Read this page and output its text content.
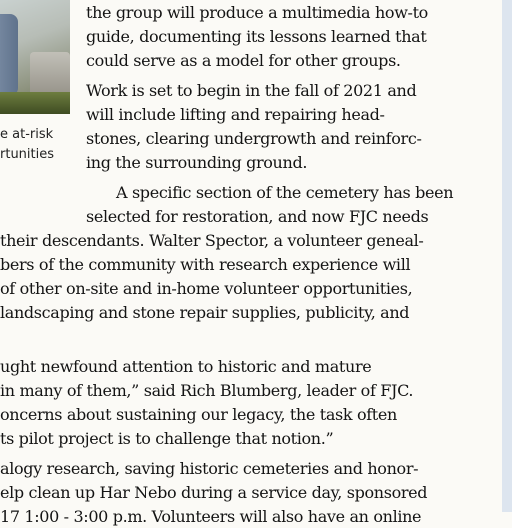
e at-risk
rtunities
the group will produce a multimedia how-to
guide, documenting its lessons learned that
could serve as a model for other groups.
Work is set to begin in the fall of 2021 and
will include lifting and repairing head-
stones, clearing undergrowth and reinforc-
ing the surrounding ground.
A specific section of the cemetery has been
selected for restoration, and now FJC needs
their descendants. Walter Spector, a volunteer geneal-
bers of the community with research experience will
of other on-site and in-home volunteer opportunities,
landscaping and stone repair supplies, publicity, and
ught newfound attention to historic and mature
in many of them,” said Rich Blumberg, leader of FJC.
oncerns about sustaining our legacy, the task often
ts pilot project is to challenge that notion.”
alogy research, saving historic cemeteries and honor-
elp clean up Har Nebo during a service day, sponsored
17 1:00 - 3:00 p.m. Volunteers will also have an online
